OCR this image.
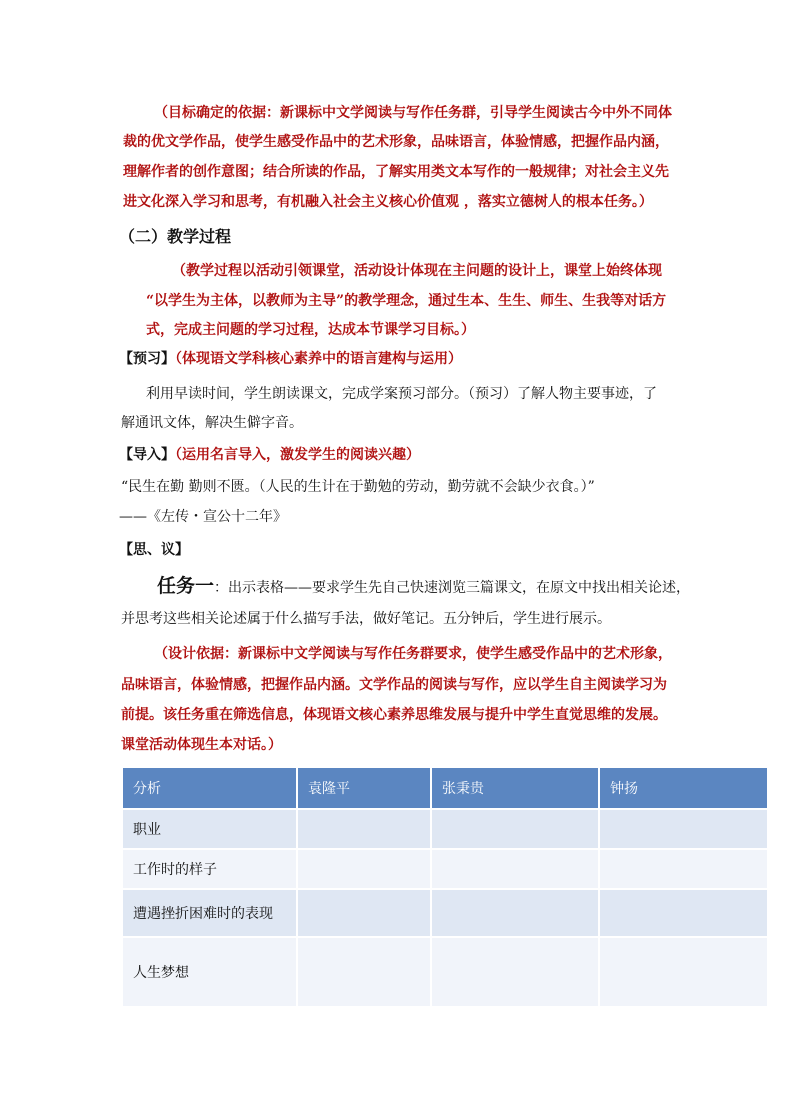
（目标确定的依据：新课标中文学阅读与写作任务群，引导学生阅读古今中外不同体
裁的优文学作品，使学生感受作品中的艺术形象，品味语言，体验情感，把握作品内涵，
理解作者的创作意图；结合所读的作品，了解实用类文本写作的一般规律；对社会主义先
进文化深入学习和思考，有机融入社会主义核心价值观 ，落实立德树人的根本任务。）
（二）教学过程
（教学过程以活动引领课堂，活动设计体现在主问题的设计上，课堂上始终体现
“以学生为主体，以教师为主导”的教学理念，通过生本、生生、师生、生我等对话方
式，完成主问题的学习过程，达成本节课学习目标。）
【预习】（体现语文学科核心素养中的语言建构与运用）
利用早读时间，学生朗读课文，完成学案预习部分。（预习）了解人物主要事迹，了
解通讯文体，解决生僻字音。
【导入】（运用名言导入，激发学生的阅读兴趣）
“民生在勤 勤则不匮。（人民的生计在于勤勉的劳动，勤劳就不会缺少衣食。）”
——《左传・宣公十二年》
【思、议】
任务一：出示表格——要求学生先自己快速浏览三篇课文，在原文中找出相关论述，
并思考这些相关论述属于什么描写手法，做好笔记。五分钟后，学生进行展示。
（设计依据：新课标中文学阅读与写作任务群要求，使学生感受作品中的艺术形象，
品味语言，体验情感，把握作品内涵。文学作品的阅读与写作，应以学生自主阅读学习为
前提。该任务重在筛选信息，体现语文核心素养思维发展与提升中学生直觉思维的发展。
课堂活动体现生本对话。）
分析	袁隆平	张秉贵	钟扬
职业			
工作时的样子			
遭遇挫折困难时的表现			
人生梦想			
